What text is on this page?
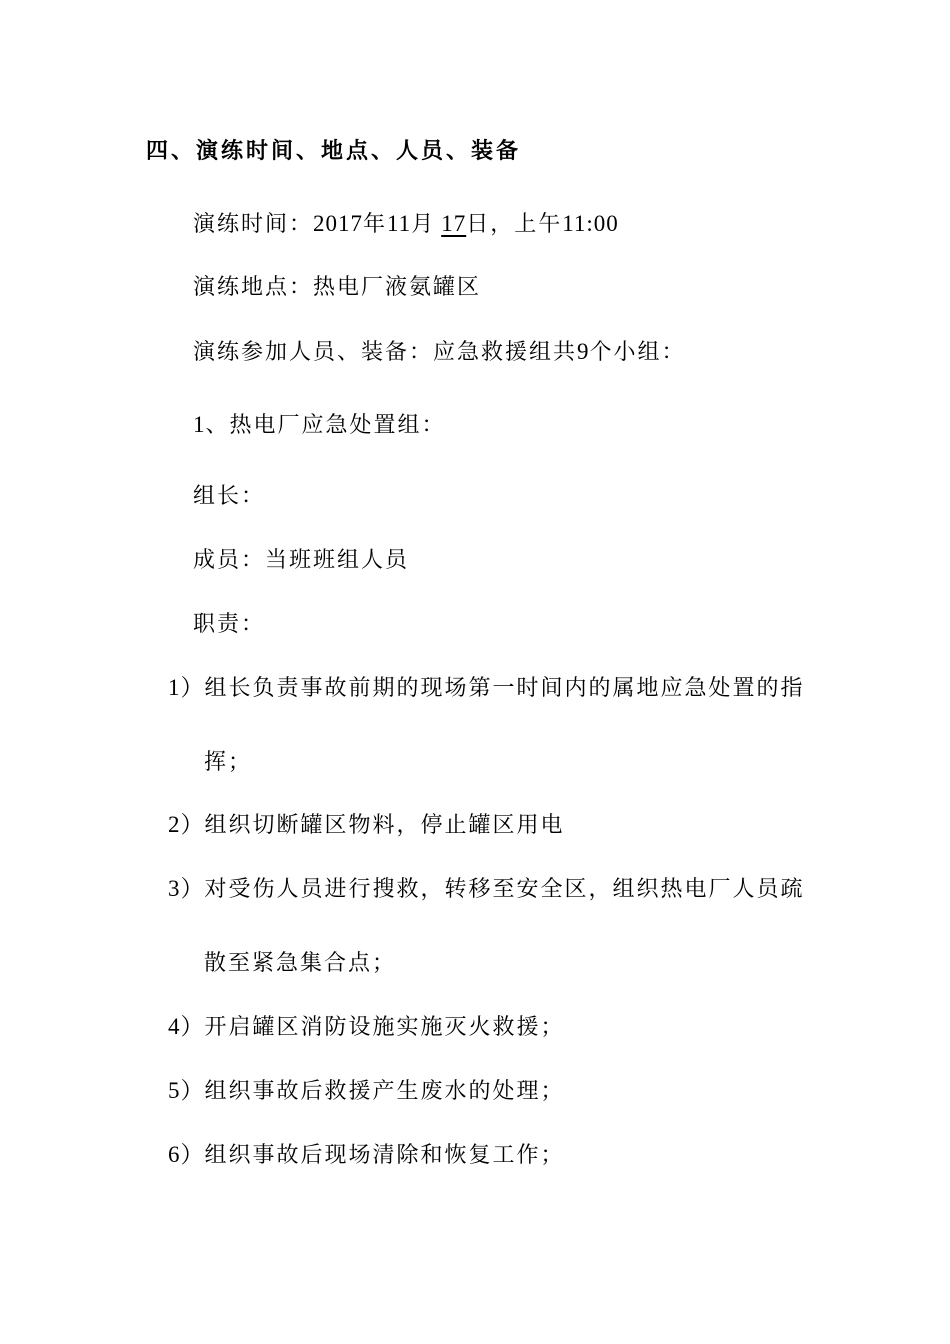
四、演练时间、地点、人员、装备
演练时间：2017年11月 17日，上午11:00
演练地点：热电厂液氨罐区
演练参加人员、装备：应急救援组共9个小组：
1、热电厂应急处置组：
组长：
成员：当班班组人员
职责：
1）组长负责事故前期的现场第一时间内的属地应急处置的指
挥；
2）组织切断罐区物料，停止罐区用电
3）对受伤人员进行搜救，转移至安全区，组织热电厂人员疏
散至紧急集合点；
4）开启罐区消防设施实施灭火救援；
5）组织事故后救援产生废水的处理；
6）组织事故后现场清除和恢复工作；
